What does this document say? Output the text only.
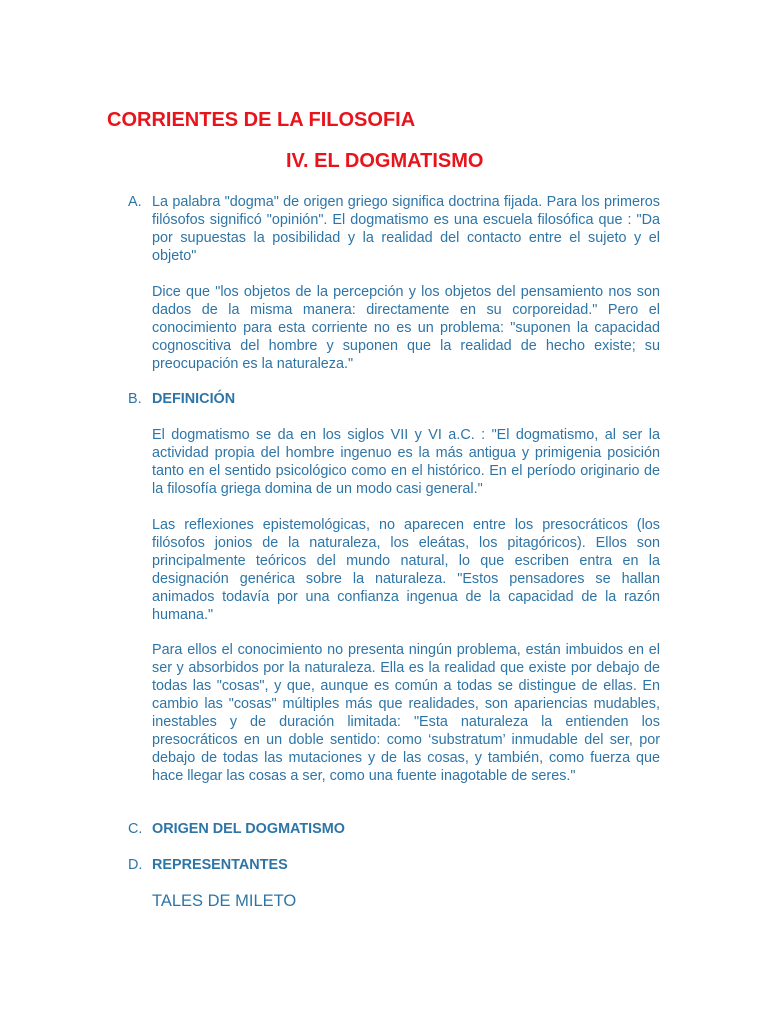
CORRIENTES DE LA FILOSOFIA
IV. EL DOGMATISMO
A. La palabra "dogma" de origen griego significa doctrina fijada. Para los primeros filósofos significó "opinión". El dogmatismo es una escuela filosófica que : "Da por supuestas la posibilidad y la realidad del contacto entre el sujeto y el objeto"

Dice que "los objetos de la percepción y los objetos del pensamiento nos son dados de la misma manera: directamente en su corporeidad." Pero el conocimiento para esta corriente no es un problema: "suponen la capacidad cognoscitiva del hombre y suponen que la realidad de hecho existe; su preocupación es la naturaleza."

B. DEFINICIÓN

El dogmatismo se da en los siglos VII y VI a.C. : "El dogmatismo, al ser la actividad propia del hombre ingenuo es la más antigua y primigenia posición tanto en el sentido psicológico como en el histórico. En el período originario de la filosofía griega domina de un modo casi general."

Las reflexiones epistemológicas, no aparecen entre los presocráticos (los filósofos jonios de la naturaleza, los eleátas, los pitagóricos). Ellos son principalmente teóricos del mundo natural, lo que escriben entra en la designación genérica sobre la naturaleza. "Estos pensadores se hallan animados todavía por una confianza ingenua de la capacidad de la razón humana."

Para ellos el conocimiento no presenta ningún problema, están imbuidos en el ser y absorbidos por la naturaleza. Ella es la realidad que existe por debajo de todas las "cosas", y que, aunque es común a todas se distingue de ellas. En cambio las "cosas" múltiples más que realidades, son apariencias mudables, inestables y de duración limitada: "Esta naturaleza la entienden los presocráticos en un doble sentido: como ‘substratum’ inmudable del ser, por debajo de todas las mutaciones y de las cosas, y también, como fuerza que hace llegar las cosas a ser, como una fuente inagotable de seres."

C. ORIGEN DEL DOGMATISMO

D. REPRESENTANTES

TALES DE MILETO
